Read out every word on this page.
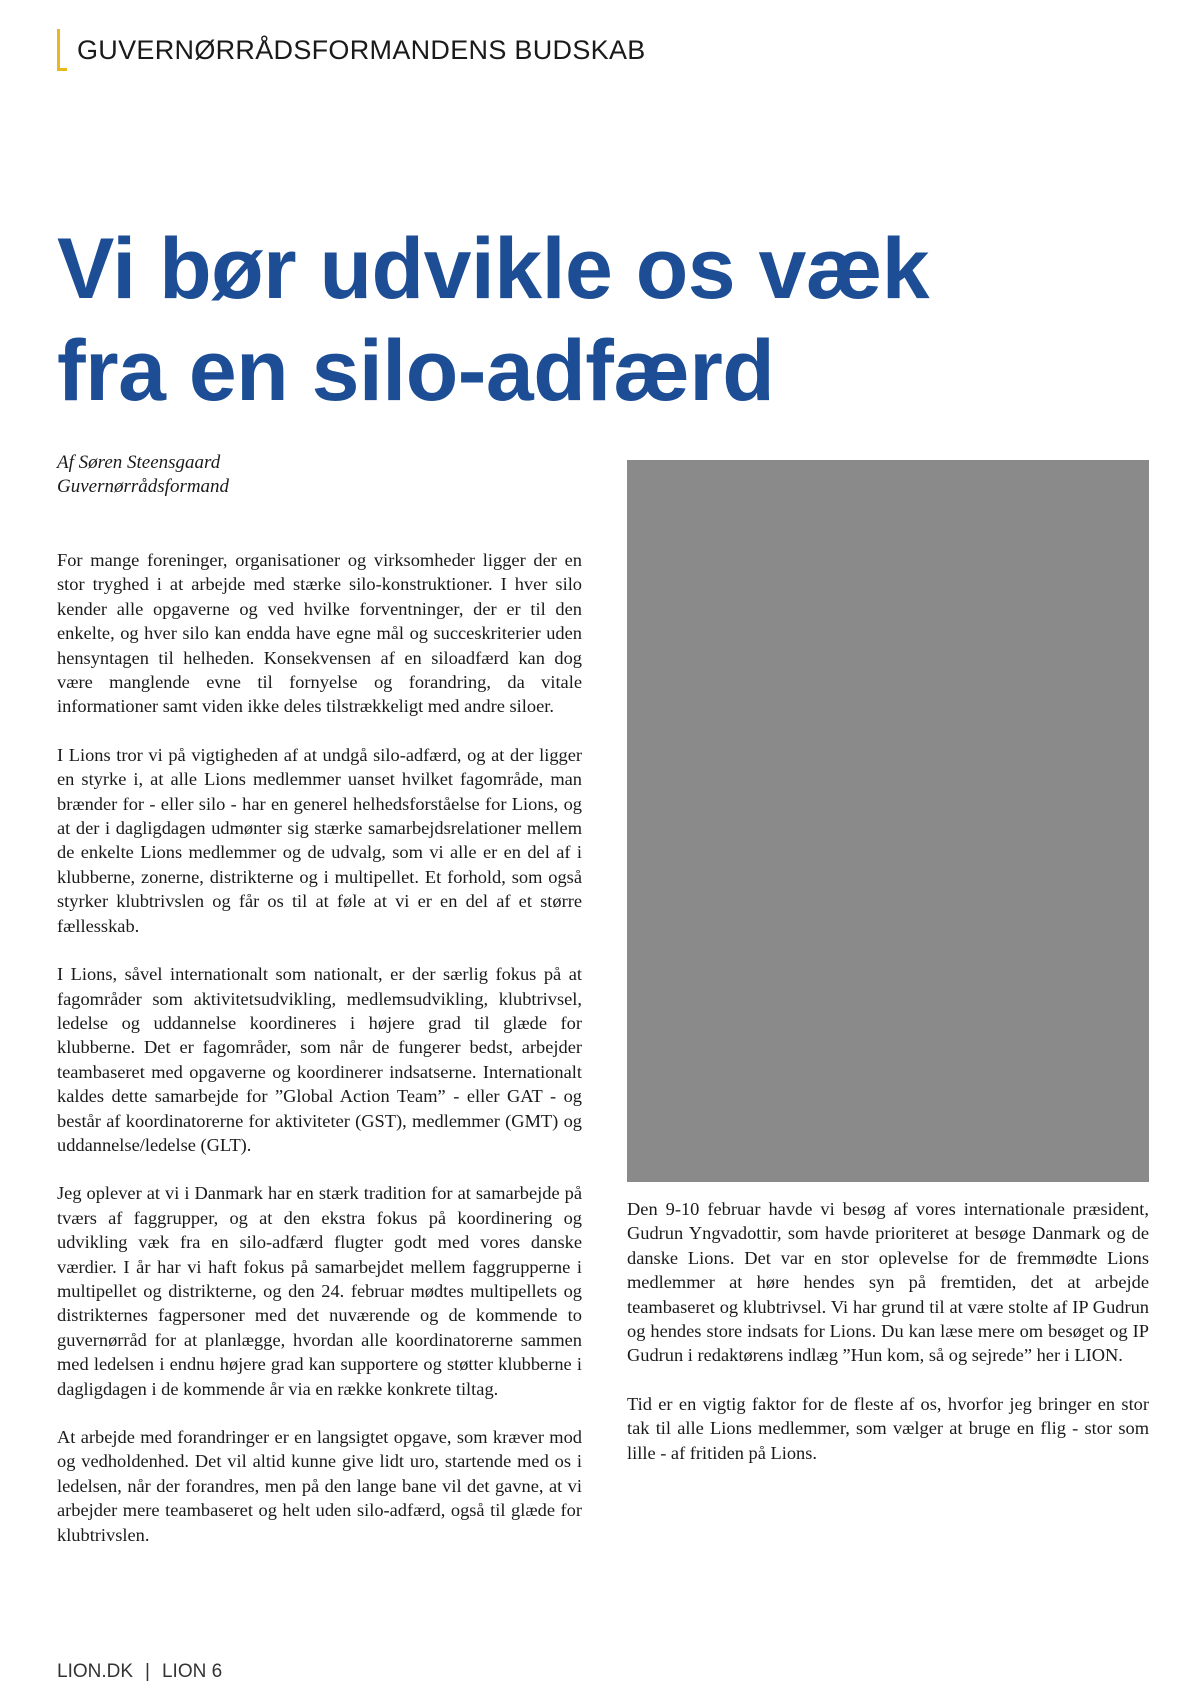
GUVERNØRRÅDSFORMANDENS BUDSKAB
Vi bør udvikle os væk
fra en silo-adfærd
Af Søren Steensgaard
Guvernørrådsformand

For mange foreninger, organisationer og virksomheder ligger der en stor tryghed i at arbejde med stærke silo-konstruktioner. I hver silo kender alle opgaverne og ved hvilke forventninger, der er til den enkelte, og hver silo kan endda have egne mål og succeskriterier uden hensyntagen til helheden. Konsekvensen af en siloadfærd kan dog være manglende evne til fornyelse og forandring, da vitale informationer samt viden ikke deles tilstrækkeligt med andre siloer.

I Lions tror vi på vigtigheden af at undgå silo-adfærd, og at der ligger en styrke i, at alle Lions medlemmer uanset hvilket fagområde, man brænder for - eller silo - har en generel helhedsforståelse for Lions, og at der i dagligdagen udmønter sig stærke samarbejdsrelationer mellem de enkelte Lions medlemmer og de udvalg, som vi alle er en del af i klubberne, zonerne, distrikterne og i multipellet. Et forhold, som også styrker klubtrivslen og får os til at føle at vi er en del af et større fællesskab.

I Lions, såvel internationalt som nationalt, er der særlig fokus på at fagområder som aktivitetsudvikling, medlemsudvikling, klubtrivsel, ledelse og uddannelse koordineres i højere grad til glæde for klubberne. Det er fagområder, som når de fungerer bedst, arbejder teambaseret med opgaverne og koordinerer indsatserne. Internationalt kaldes dette samarbejde for ”Global Action Team” - eller GAT - og består af koordinatorerne for aktiviteter (GST), medlemmer (GMT) og uddannelse/ledelse (GLT).

Jeg oplever at vi i Danmark har en stærk tradition for at samarbejde på tværs af faggrupper, og at den ekstra fokus på koordinering og udvikling væk fra en silo-adfærd flugter godt med vores danske værdier. I år har vi haft fokus på samarbejdet mellem faggrupperne i multipellet og distrikterne, og den 24. februar mødtes multipellets og distrikternes fagpersoner med det nuværende og de kommende to guvernørråd for at planlægge, hvordan alle koordinatorerne sammen med ledelsen i endnu højere grad kan supportere og støtter klubberne i dagligdagen i de kommende år via en række konkrete tiltag.

At arbejde med forandringer er en langsigtet opgave, som kræver mod og vedholdenhed. Det vil altid kunne give lidt uro, startende med os i ledelsen, når der forandres, men på den lange bane vil det gavne, at vi arbejder mere teambaseret og helt uden silo-adfærd, også til glæde for klubtrivslen.

Den 9-10 februar havde vi besøg af vores internationale præsident, Gudrun Yngvadottir, som havde prioriteret at besøge Danmark og de danske Lions. Det var en stor oplevelse for de fremmødte Lions medlemmer at høre hendes syn på fremtiden, det at arbejde teambaseret og klubtrivsel. Vi har grund til at være stolte af IP Gudrun og hendes store indsats for Lions. Du kan læse mere om besøget og IP Gudrun i redaktørens indlæg ”Hun kom, så og sejrede” her i LION.

Tid er en vigtig faktor for de fleste af os, hvorfor jeg bringer en stor tak til alle Lions medlemmer, som vælger at bruge en flig - stor som lille - af fritiden på Lions.

LION.DK | LION 6
